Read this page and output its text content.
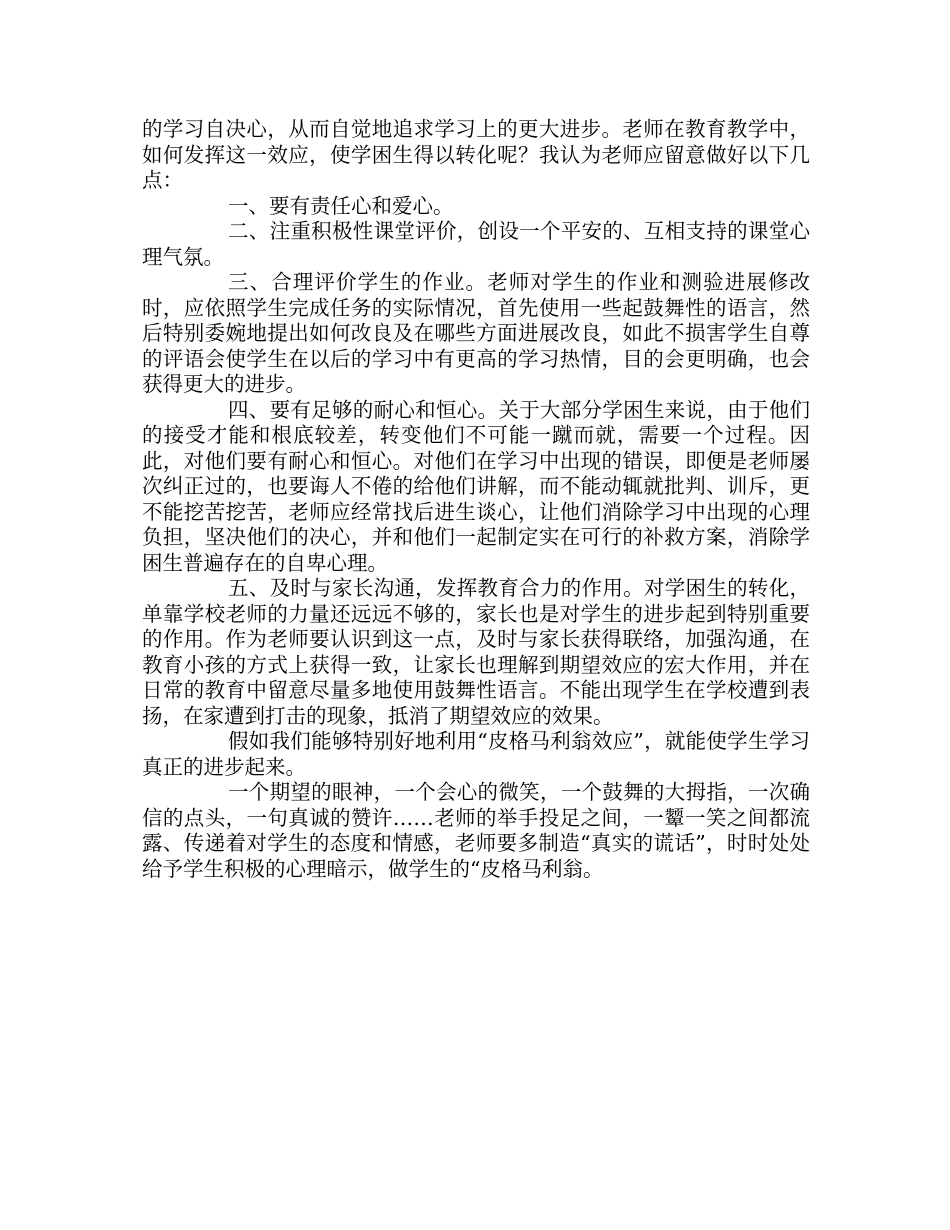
的学习自决心，从而自觉地追求学习上的更大进步。老师在教育教学中，如何发挥这一效应，使学困生得以转化呢？我认为老师应留意做好以下几点：

一、要有责任心和爱心。

二、注重积极性课堂评价，创设一个平安的、互相支持的课堂心理气氛。

三、合理评价学生的作业。老师对学生的作业和测验进展修改时，应依照学生完成任务的实际情况，首先使用一些起鼓舞性的语言，然后特别委婉地提出如何改良及在哪些方面进展改良，如此不损害学生自尊的评语会使学生在以后的学习中有更高的学习热情，目的会更明确，也会获得更大的进步。

四、要有足够的耐心和恒心。关于大部分学困生来说，由于他们的接受才能和根底较差，转变他们不可能一蹴而就，需要一个过程。因此，对他们要有耐心和恒心。对他们在学习中出现的错误，即便是老师屡次纠正过的，也要诲人不倦的给他们讲解，而不能动辄就批判、训斥，更不能挖苦挖苦，老师应经常找后进生谈心，让他们消除学习中出现的心理负担，坚决他们的决心，并和他们一起制定实在可行的补救方案，消除学困生普遍存在的自卑心理。

五、及时与家长沟通，发挥教育合力的作用。对学困生的转化，单靠学校老师的力量还远远不够的，家长也是对学生的进步起到特别重要的作用。作为老师要认识到这一点，及时与家长获得联络，加强沟通，在教育小孩的方式上获得一致，让家长也理解到期望效应的宏大作用，并在日常的教育中留意尽量多地使用鼓舞性语言。不能出现学生在学校遭到表扬，在家遭到打击的现象，抵消了期望效应的效果。

假如我们能够特别好地利用“皮格马利翁效应”，就能使学生学习真正的进步起来。

一个期望的眼神，一个会心的微笑，一个鼓舞的大拇指，一次确信的点头，一句真诚的赞许……老师的举手投足之间，一颦一笑之间都流露、传递着对学生的态度和情感，老师要多制造“真实的谎话”，时时处处给予学生积极的心理暗示，做学生的“皮格马利翁。
